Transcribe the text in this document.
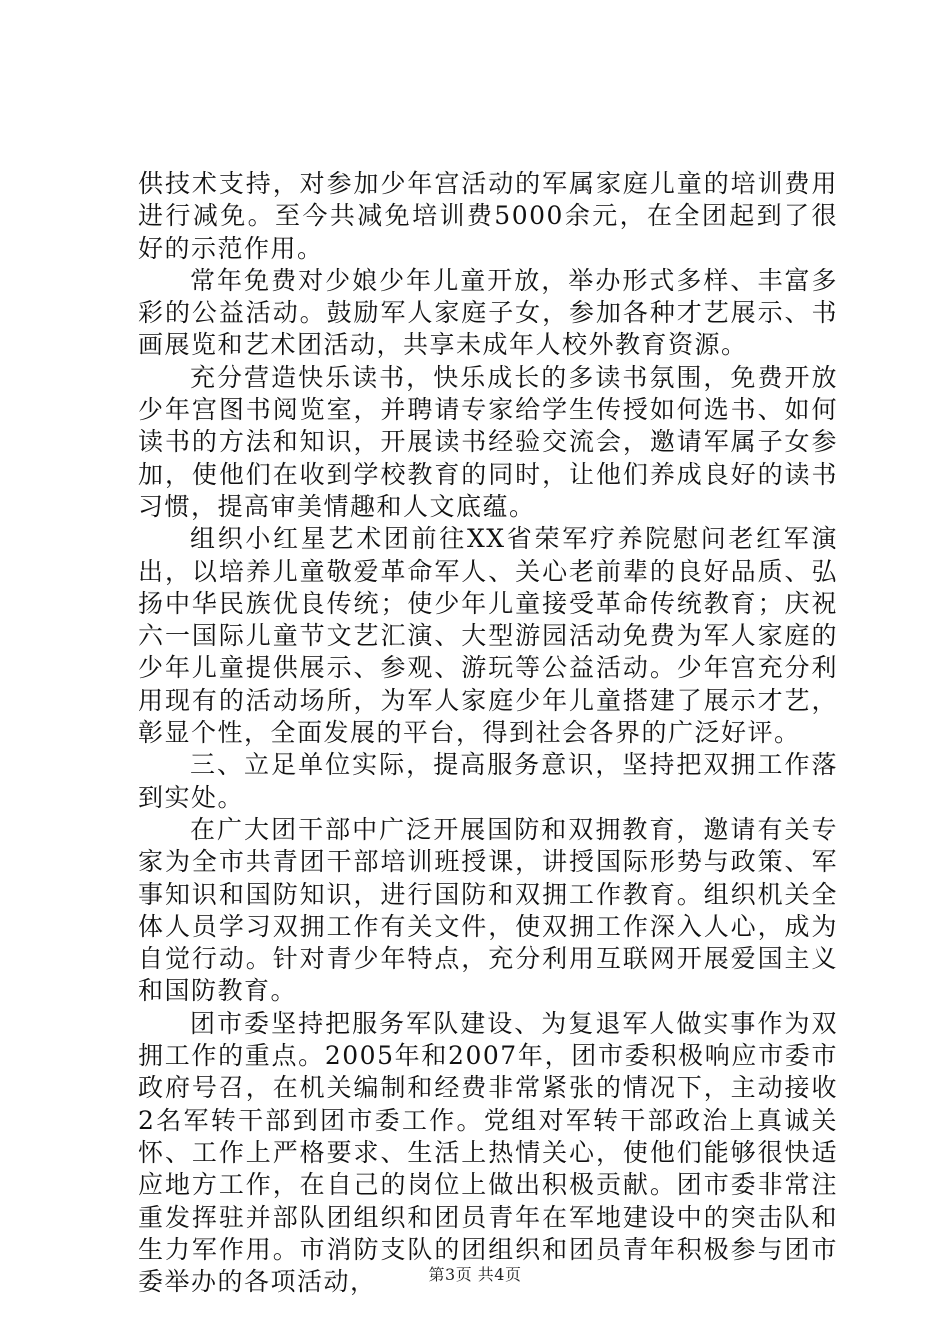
供技术支持，对参加少年宫活动的军属家庭儿童的培训费用进行减免。至今共减免培训费5000余元，在全团起到了很好的示范作用。

常年免费对少娘少年儿童开放，举办形式多样、丰富多彩的公益活动。鼓励军人家庭子女，参加各种才艺展示、书画展览和艺术团活动，共享未成年人校外教育资源。

充分营造快乐读书，快乐成长的多读书氛围，免费开放少年宫图书阅览室，并聘请专家给学生传授如何选书、如何读书的方法和知识，开展读书经验交流会，邀请军属子女参加，使他们在收到学校教育的同时，让他们养成良好的读书习惯，提高审美情趣和人文底蕴。

组织小红星艺术团前往XX省荣军疗养院慰问老红军演出，以培养儿童敬爱革命军人、关心老前辈的良好品质、弘扬中华民族优良传统；使少年儿童接受革命传统教育；庆祝六一国际儿童节文艺汇演、大型游园活动免费为军人家庭的少年儿童提供展示、参观、游玩等公益活动。少年宫充分利用现有的活动场所，为军人家庭少年儿童搭建了展示才艺，彰显个性，全面发展的平台，得到社会各界的广泛好评。

三、立足单位实际，提高服务意识，坚持把双拥工作落到实处。

在广大团干部中广泛开展国防和双拥教育，邀请有关专家为全市共青团干部培训班授课，讲授国际形势与政策、军事知识和国防知识，进行国防和双拥工作教育。组织机关全体人员学习双拥工作有关文件，使双拥工作深入人心，成为自觉行动。针对青少年特点，充分利用互联网开展爱国主义和国防教育。

团市委坚持把服务军队建设、为复退军人做实事作为双拥工作的重点。2005年和2007年，团市委积极响应市委市政府号召，在机关编制和经费非常紧张的情况下，主动接收2名军转干部到团市委工作。党组对军转干部政治上真诚关怀、工作上严格要求、生活上热情关心，使他们能够很快适应地方工作，在自己的岗位上做出积极贡献。团市委非常注重发挥驻并部队团组织和团员青年在军地建设中的突击队和生力军作用。市消防支队的团组织和团员青年积极参与团市委举办的各项活动，	第3页 共4页
